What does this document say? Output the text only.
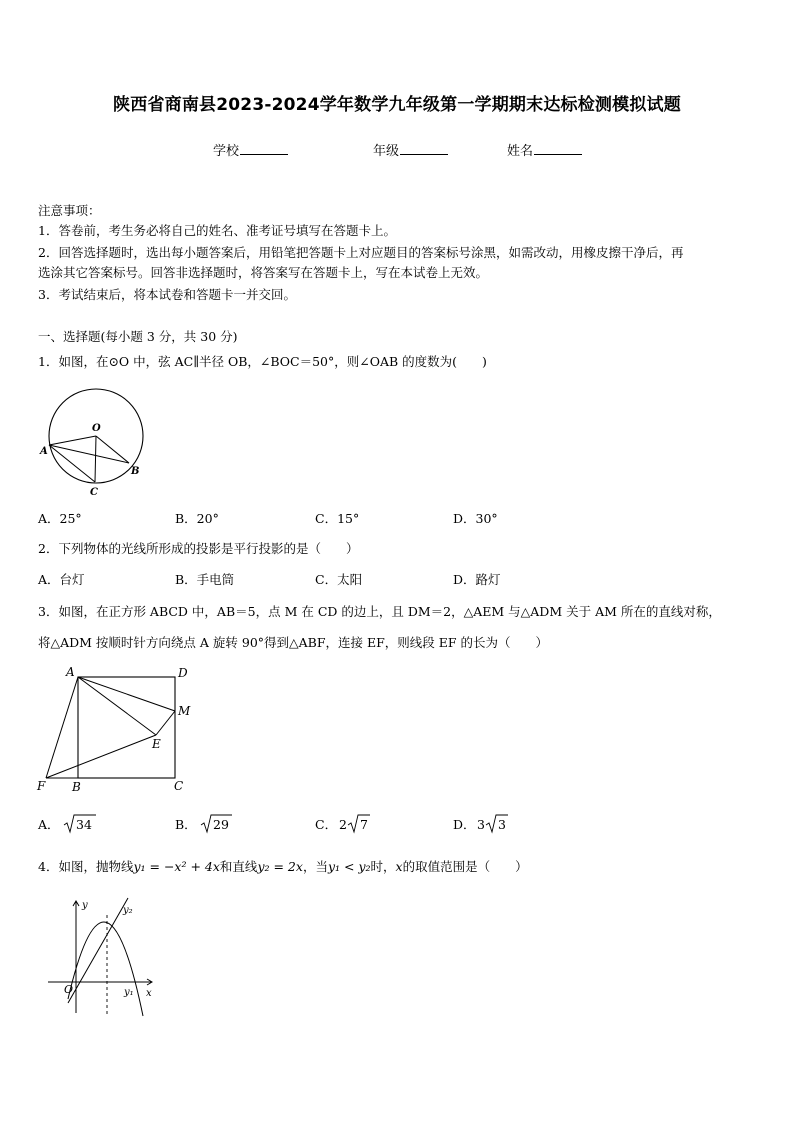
陕西省商南县2023-2024学年数学九年级第一学期期末达标检测模拟试题
学校	年级	姓名
注意事项：
1．答卷前，考生务必将自己的姓名、准考证号填写在答题卡上。
2．回答选择题时，选出每小题答案后，用铅笔把答题卡上对应题目的答案标号涂黑，如需改动，用橡皮擦干净后，再
选涂其它答案标号。回答非选择题时，将答案写在答题卡上，写在本试卷上无效。
3．考试结束后，将本试卷和答题卡一并交回。
一、选择题(每小题 3 分，共 30 分)
1．如图，在⊙O 中，弦 AC∥半径 OB，∠BOC＝50°，则∠OAB 的度数为(　　)
O
A
B
C
A．25°	B．20°	C．15°	D．30°
2．下列物体的光线所形成的投影是平行投影的是（　　）
A．台灯	B．手电筒	C．太阳	D．路灯
3．如图，在正方形 ABCD 中，AB＝5，点 M 在 CD 的边上，且 DM＝2，△AEM 与△ADM 关于 AM 所在的直线对称，
将△ADM 按顺时针方向绕点 A 旋转 90°得到△ABF，连接 EF，则线段 EF 的长为（　　）
A	D
M
E
F B	C
A． 34	B． 29	C． 2 7	D． 3 3
4．如图，抛物线y₁ = −x² + 4x和直线y₂ = 2x，当y₁ < y₂时，x的取值范围是（　　）
y
x
O	y₁
y₂
